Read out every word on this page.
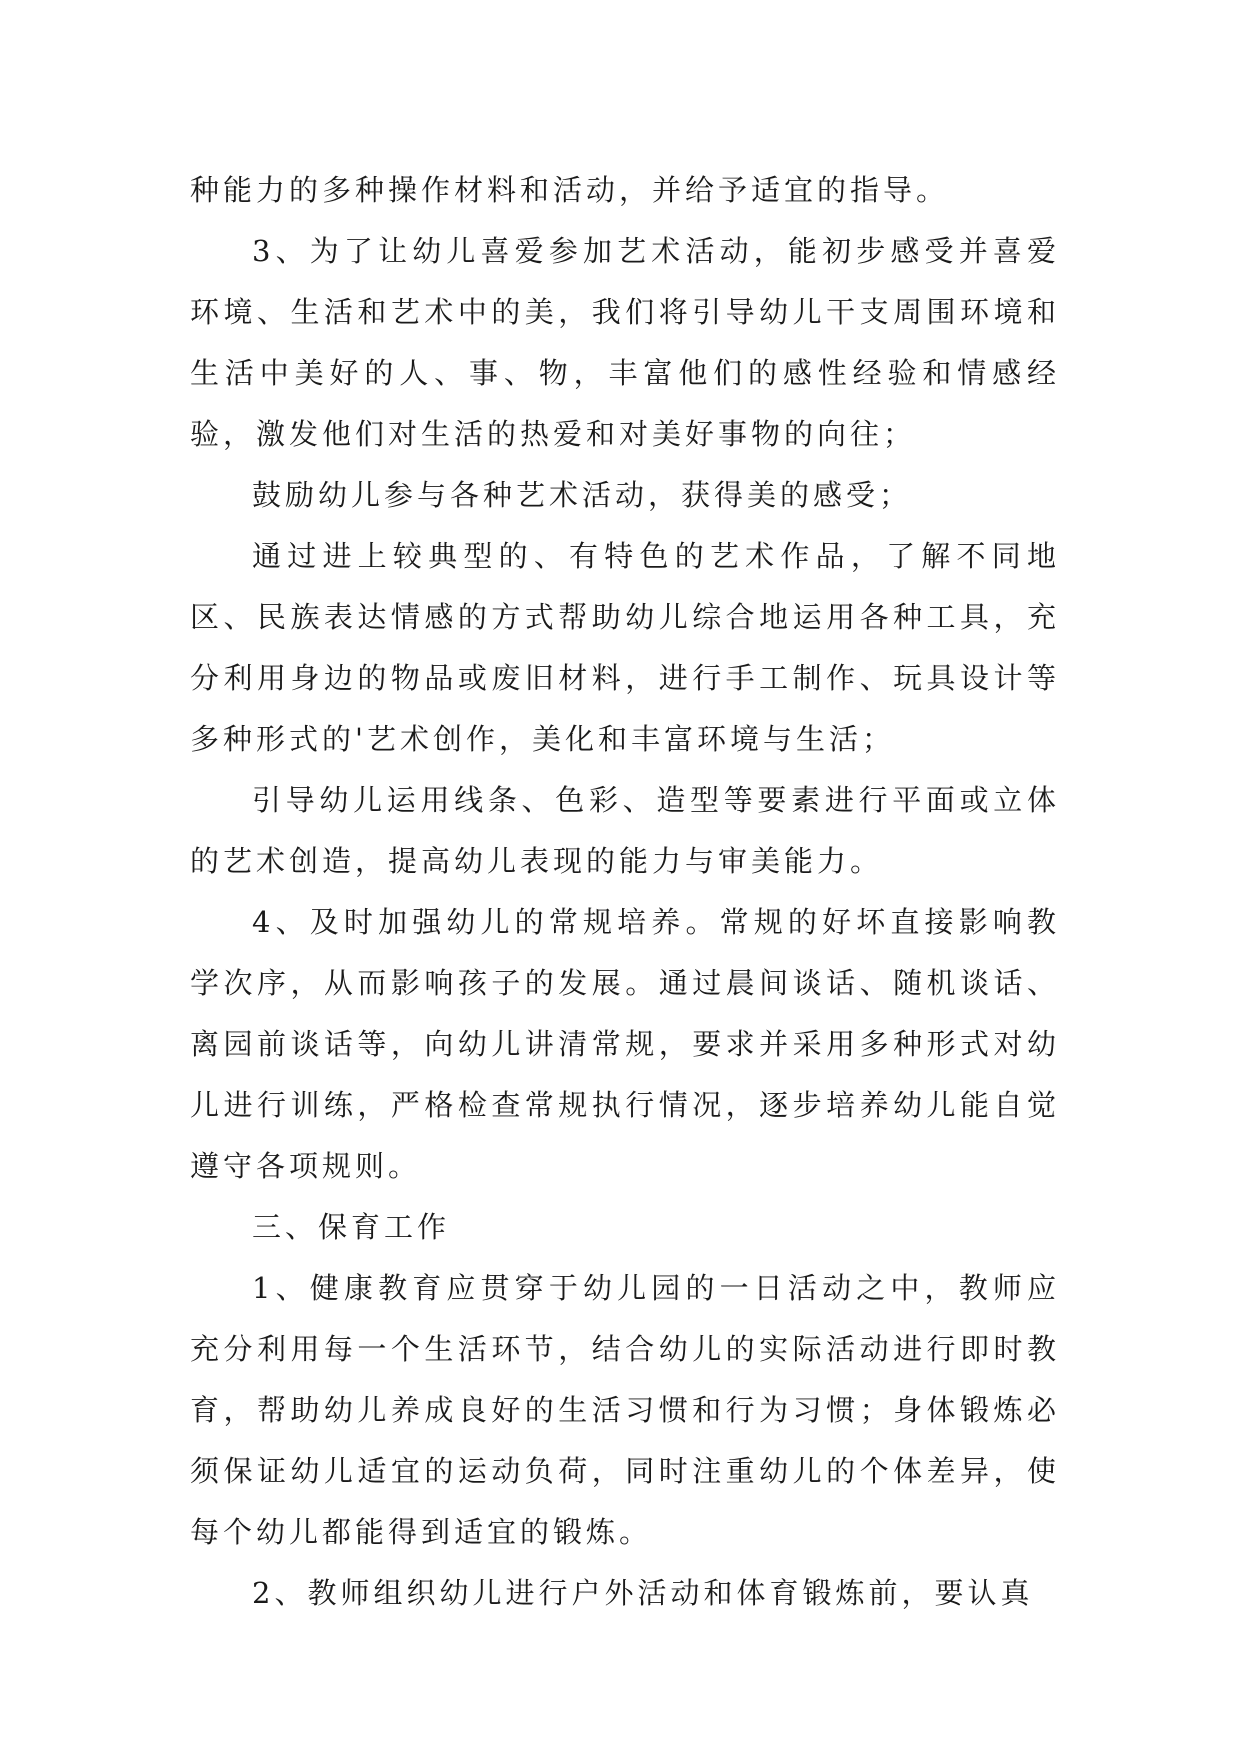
种能力的多种操作材料和活动，并给予适宜的指导。

3、为了让幼儿喜爱参加艺术活动，能初步感受并喜爱环境、生活和艺术中的美，我们将引导幼儿干支周围环境和生活中美好的人、事、物，丰富他们的感性经验和情感经验，激发他们对生活的热爱和对美好事物的向往；

鼓励幼儿参与各种艺术活动，获得美的感受；

通过进上较典型的、有特色的艺术作品，了解不同地区、民族表达情感的方式帮助幼儿综合地运用各种工具，充分利用身边的物品或废旧材料，进行手工制作、玩具设计等多种形式的'艺术创作，美化和丰富环境与生活；

引导幼儿运用线条、色彩、造型等要素进行平面或立体的艺术创造，提高幼儿表现的能力与审美能力。

4、及时加强幼儿的常规培养。常规的好坏直接影响教学次序，从而影响孩子的发展。通过晨间谈话、随机谈话、离园前谈话等，向幼儿讲清常规，要求并采用多种形式对幼儿进行训练，严格检查常规执行情况，逐步培养幼儿能自觉遵守各项规则。

三、保育工作

1、健康教育应贯穿于幼儿园的一日活动之中，教师应充分利用每一个生活环节，结合幼儿的实际活动进行即时教育，帮助幼儿养成良好的生活习惯和行为习惯；身体锻炼必须保证幼儿适宜的运动负荷，同时注重幼儿的个体差异，使每个幼儿都能得到适宜的锻炼。

2、教师组织幼儿进行户外活动和体育锻炼前，要认真
